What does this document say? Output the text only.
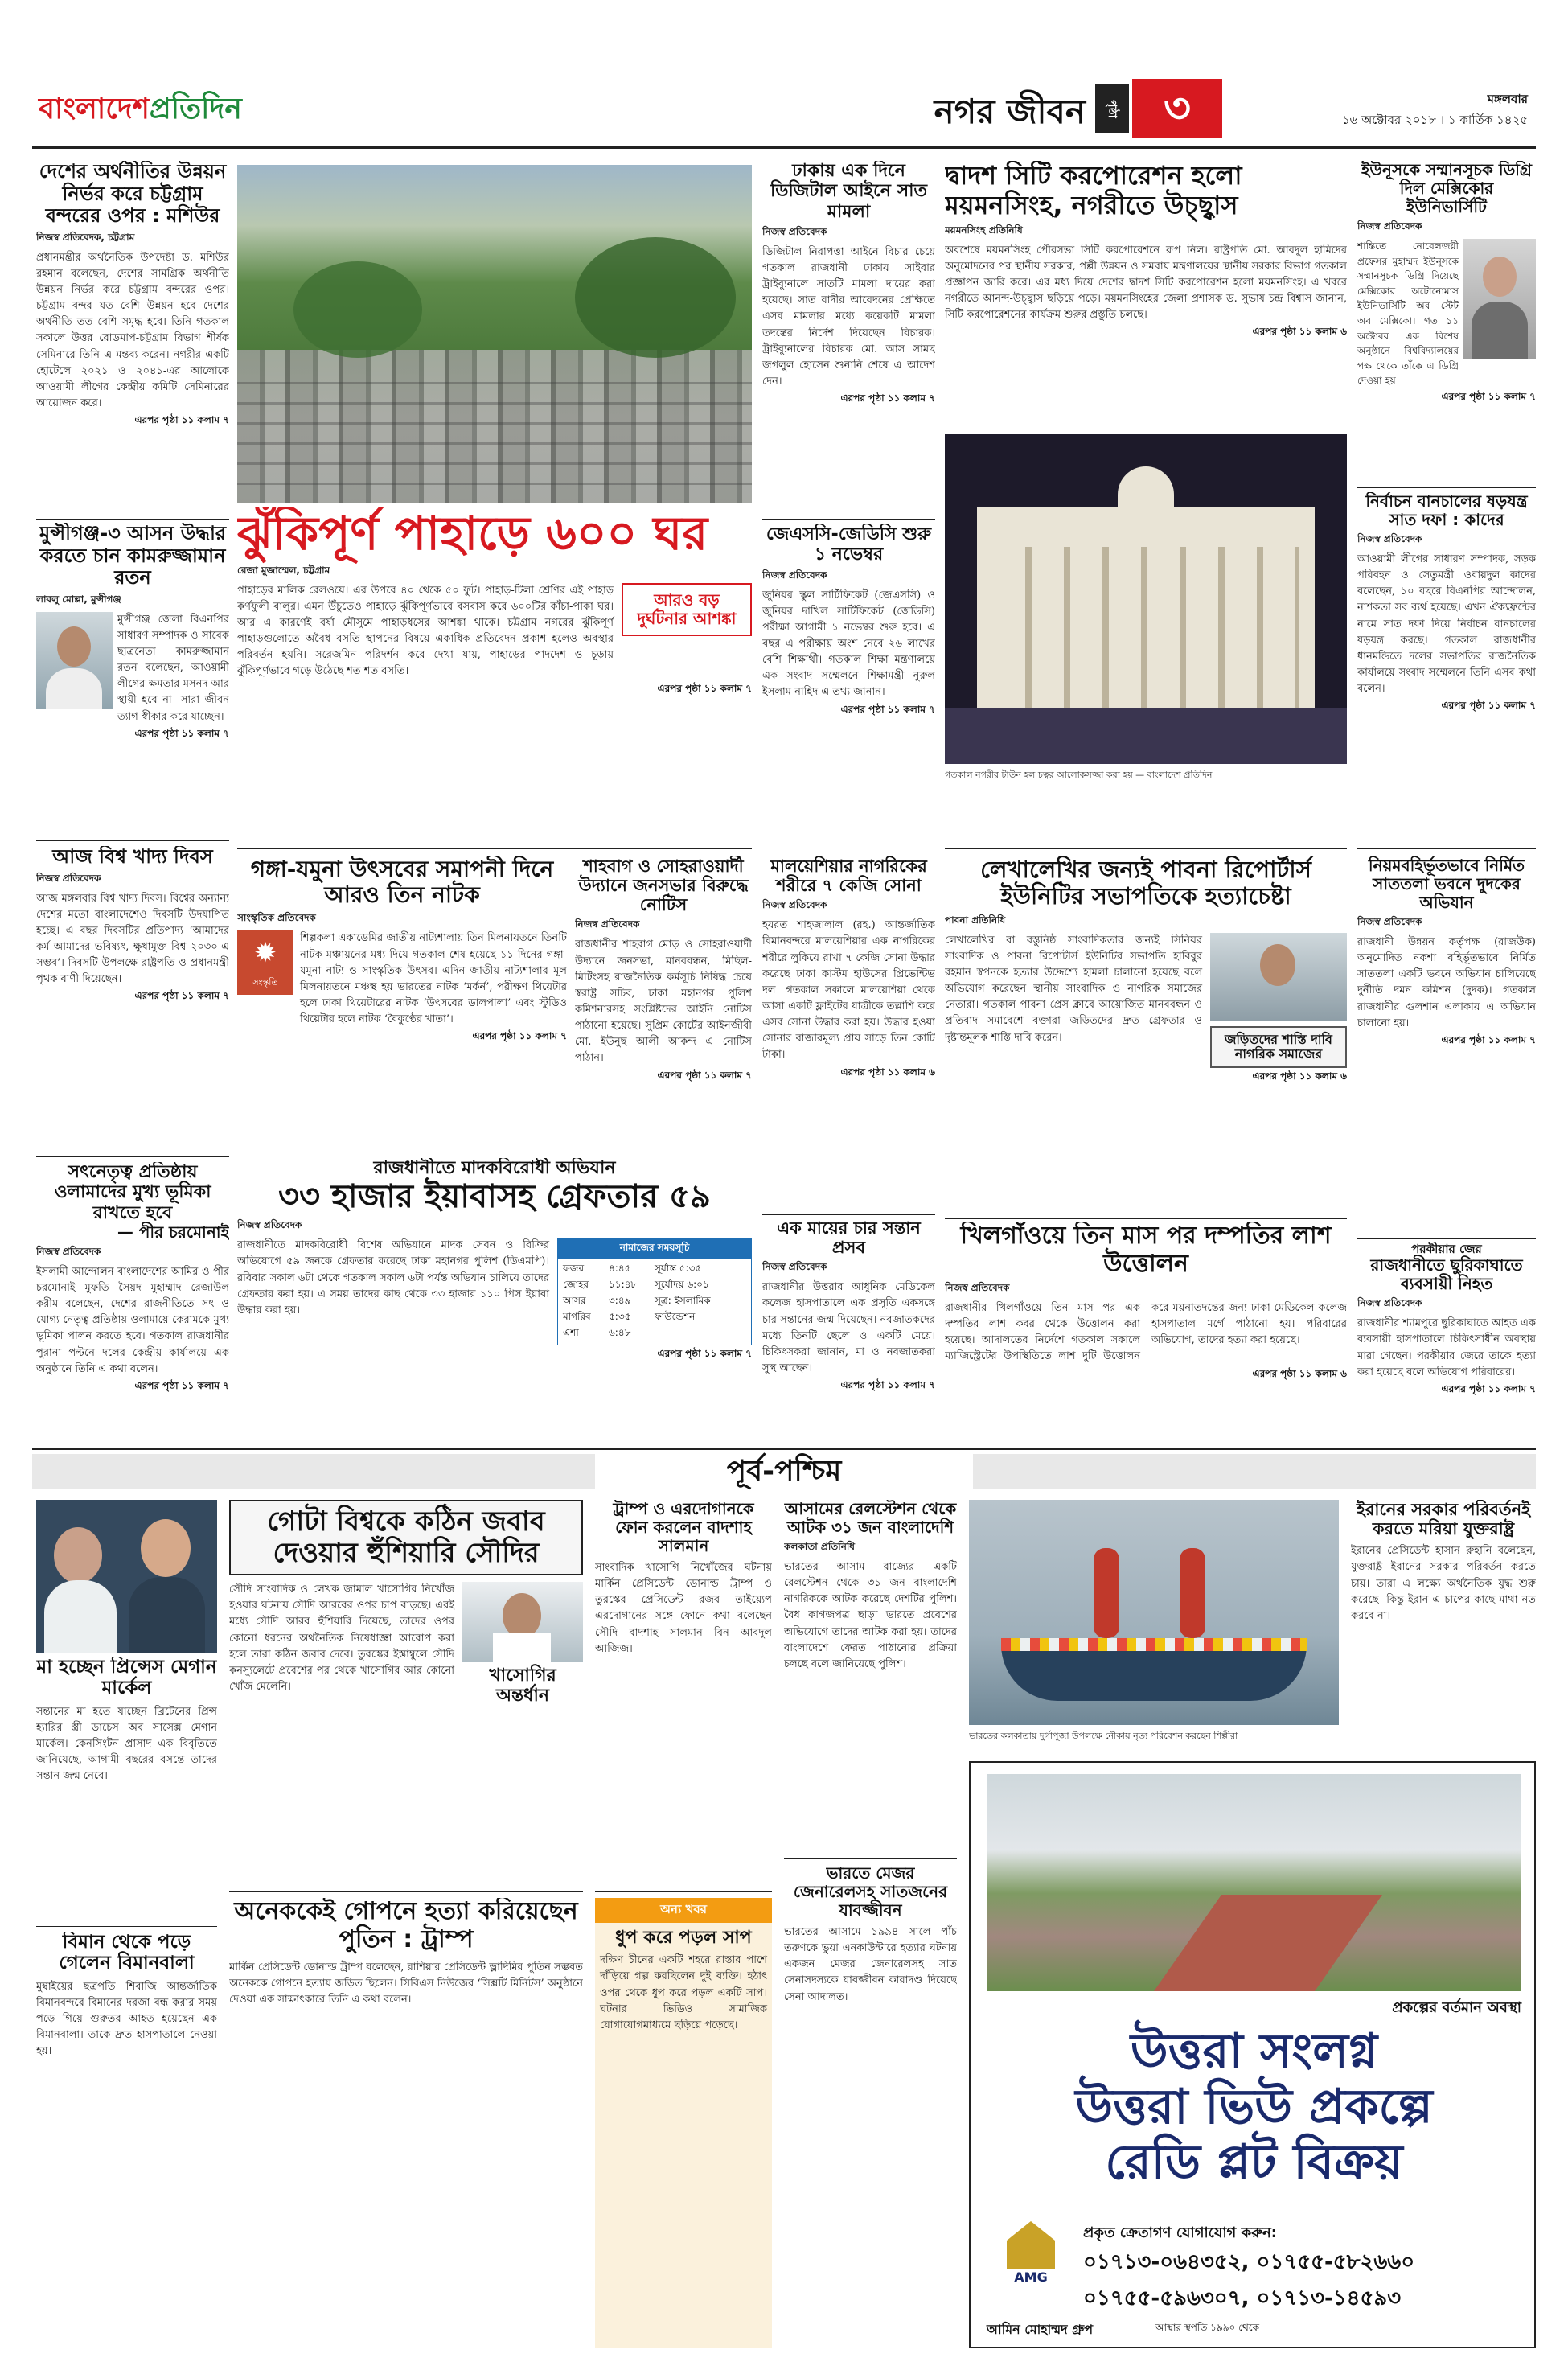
বাংলাদেশপ্রতিদিন	নগর জীবন	পৃষ্ঠা	৩	মঙ্গলবার
১৬ অক্টোবর ২০১৮ । ১ কার্তিক ১৪২৫
দেশের অর্থনীতির উন্নয়ন নির্ভর করে চট্টগ্রাম বন্দরের ওপর : মশিউর
নিজস্ব প্রতিবেদক, চট্টগ্রাম
প্রধানমন্ত্রীর অর্থনৈতিক উপদেষ্টা ড. মশিউর রহমান বলেছেন, দেশের সামগ্রিক অর্থনীতি উন্নয়ন নির্ভর করে চট্টগ্রাম বন্দরের ওপর। চট্টগ্রাম বন্দর যত বেশি উন্নয়ন হবে দেশের অর্থনীতি তত বেশি সমৃদ্ধ হবে। তিনি গতকাল সকালে উত্তর রোডমাপ-চট্টগ্রাম বিভাগ শীর্ষক সেমিনারে তিনি এ মন্তব্য করেন। নগরীর একটি হোটেলে ২০২১ ও ২০৪১-এর আলোকে আওয়ামী লীগের কেন্দ্রীয় কমিটি সেমিনারের আয়োজন করে।
এরপর পৃষ্ঠা ১১ কলাম ৭
মুন্সীগঞ্জ-৩ আসন উদ্ধার করতে চান কামরুজ্জামান রতন
লাবলু মোল্লা, মুন্সীগঞ্জ
মুন্সীগঞ্জ জেলা বিএনপির সাধারণ সম্পাদক ও সাবেক ছাত্রনেতা কামরুজ্জামান রতন বলেছেন, আওয়ামী লীগের ক্ষমতার মসনদ আর স্থায়ী হবে না। সারা জীবন ত্যাগ স্বীকার করে যাচ্ছেন।
এরপর পৃষ্ঠা ১১ কলাম ৭
আজ বিশ্ব খাদ্য দিবস
নিজস্ব প্রতিবেদক
আজ মঙ্গলবার বিশ্ব খাদ্য দিবস। বিশ্বের অন্যান্য দেশের মতো বাংলাদেশেও দিবসটি উদযাপিত হচ্ছে। এ বছর দিবসটির প্রতিপাদ্য ‘আমাদের কর্ম আমাদের ভবিষ্যৎ, ক্ষুধামুক্ত বিশ্ব ২০৩০-এ সম্ভব’। দিবসটি উপলক্ষে রাষ্ট্রপতি ও প্রধানমন্ত্রী পৃথক বাণী দিয়েছেন।
এরপর পৃষ্ঠা ১১ কলাম ৭
সৎনেতৃত্ব প্রতিষ্ঠায় ওলামাদের মুখ্য ভূমিকা রাখতে হবে
— পীর চরমোনাই
নিজস্ব প্রতিবেদক
ইসলামী আন্দোলন বাংলাদেশের আমির ও পীর চরমোনাই মুফতি সৈয়দ মুহাম্মাদ রেজাউল করীম বলেছেন, দেশের রাজনীতিতে সৎ ও যোগ্য নেতৃত্ব প্রতিষ্ঠায় ওলামায়ে কেরামকে মুখ্য ভূমিকা পালন করতে হবে। গতকাল রাজধানীর পুরানা পল্টনে দলের কেন্দ্রীয় কার্যালয়ে এক অনুষ্ঠানে তিনি এ কথা বলেন।
এরপর পৃষ্ঠা ১১ কলাম ৭
ঝুঁকিপূর্ণ পাহাড়ে ৬০০ ঘর
রেজা মুজাম্মেল, চট্টগ্রাম
পাহাড়ের মালিক রেলওয়ে। এর উপরে ৪০ থেকে ৫০ ফুট। পাহাড়-টিলা শ্রেণির এই পাহাড় কর্ণফুলী বালুর। এমন উঁচুতেও পাহাড়ে ঝুঁকিপূর্ণভাবে বসবাস করে ৬০০টির কাঁচা-পাকা ঘর। আর এ কারণেই বর্ষা মৌসুমে পাহাড়ধসের আশঙ্কা থাকে। চট্টগ্রাম নগরের ঝুঁকিপূর্ণ পাহাড়গুলোতে অবৈধ বসতি স্থাপনের বিষয়ে একাধিক প্রতিবেদন প্রকাশ হলেও অবস্থার পরিবর্তন হয়নি। সরেজমিন পরিদর্শন করে দেখা যায়, পাহাড়ের পাদদেশ ও চূড়ায় ঝুঁকিপূর্ণভাবে গড়ে উঠেছে শত শত বসতি।
আরও বড় দুর্ঘটনার আশঙ্কা
এরপর পৃষ্ঠা ১১ কলাম ৭
ঢাকায় এক দিনে ডিজিটাল আইনে সাত মামলা
নিজস্ব প্রতিবেদক
ডিজিটাল নিরাপত্তা আইনে বিচার চেয়ে গতকাল রাজধানী ঢাকায় সাইবার ট্রাইব্যুনালে সাতটি মামলা দায়ের করা হয়েছে। সাত বাদীর আবেদনের প্রেক্ষিতে এসব মামলার মধ্যে কয়েকটি মামলা তদন্তের নির্দেশ দিয়েছেন বিচারক। ট্রাইব্যুনালের বিচারক মো. আস সামছ জগলুল হোসেন শুনানি শেষে এ আদেশ দেন।
এরপর পৃষ্ঠা ১১ কলাম ৭
জেএসসি-জেডিসি শুরু ১ নভেম্বর
নিজস্ব প্রতিবেদক
জুনিয়র স্কুল সার্টিফিকেট (জেএসসি) ও জুনিয়র দাখিল সার্টিফিকেট (জেডিসি) পরীক্ষা আগামী ১ নভেম্বর শুরু হবে। এ বছর এ পরীক্ষায় অংশ নেবে ২৬ লাখের বেশি শিক্ষার্থী। গতকাল শিক্ষা মন্ত্রণালয়ে এক সংবাদ সম্মেলনে শিক্ষামন্ত্রী নুরুল ইসলাম নাহিদ এ তথ্য জানান।
এরপর পৃষ্ঠা ১১ কলাম ৭
দ্বাদশ সিটি করপোরেশন হলো ময়মনসিংহ, নগরীতে উচ্ছ্বাস
ময়মনসিংহ প্রতিনিধি
অবশেষে ময়মনসিংহ পৌরসভা সিটি করপোরেশনে রূপ নিল। রাষ্ট্রপতি মো. আবদুল হামিদের অনুমোদনের পর স্থানীয় সরকার, পল্লী উন্নয়ন ও সমবায় মন্ত্রণালয়ের স্থানীয় সরকার বিভাগ গতকাল প্রজ্ঞাপন জারি করে। এর মধ্য দিয়ে দেশের দ্বাদশ সিটি করপোরেশন হলো ময়মনসিংহ। এ খবরে নগরীতে আনন্দ-উচ্ছ্বাস ছড়িয়ে পড়ে। ময়মনসিংহের জেলা প্রশাসক ড. সুভাষ চন্দ্র বিশ্বাস জানান, সিটি করপোরেশনের কার্যক্রম শুরুর প্রস্তুতি চলছে।
এরপর পৃষ্ঠা ১১ কলাম ৬
গতকাল নগরীর টাউন হল চত্বর আলোকসজ্জা করা হয় — বাংলাদেশ প্রতিদিন
ইউনূসকে সম্মানসূচক ডিগ্রি দিল মেক্সিকোর ইউনিভার্সিটি
নিজস্ব প্রতিবেদক
শান্তিতে নোবেলজয়ী প্রফেসর মুহাম্মদ ইউনূসকে সম্মানসূচক ডিগ্রি দিয়েছে মেক্সিকোর অটোনোমাস ইউনিভার্সিটি অব স্টেট অব মেক্সিকো। গত ১১ অক্টোবর এক বিশেষ অনুষ্ঠানে বিশ্ববিদ্যালয়ের পক্ষ থেকে তাঁকে এ ডিগ্রি দেওয়া হয়।
এরপর পৃষ্ঠা ১১ কলাম ৭
নির্বাচন বানচালের ষড়যন্ত্র সাত দফা : কাদের
নিজস্ব প্রতিবেদক
আওয়ামী লীগের সাধারণ সম্পাদক, সড়ক পরিবহন ও সেতুমন্ত্রী ওবায়দুল কাদের বলেছেন, ১০ বছরে বিএনপির আন্দোলন, নাশকতা সব ব্যর্থ হয়েছে। এখন ঐক্যফ্রন্টের নামে সাত দফা দিয়ে নির্বাচন বানচালের ষড়যন্ত্র করছে। গতকাল রাজধানীর ধানমন্ডিতে দলের সভাপতির রাজনৈতিক কার্যালয়ে সংবাদ সম্মেলনে তিনি এসব কথা বলেন।
এরপর পৃষ্ঠা ১১ কলাম ৭
গঙ্গা-যমুনা উৎসবের সমাপনী দিনে আরও তিন নাটক
সাংস্কৃতিক প্রতিবেদক
✹
সংস্কৃতি
শিল্পকলা একাডেমির জাতীয় নাট্যশালায় তিন মিলনায়তনে তিনটি নাটক মঞ্চায়নের মধ্য দিয়ে গতকাল শেষ হয়েছে ১১ দিনের গঙ্গা-যমুনা নাট্য ও সাংস্কৃতিক উৎসব। এদিন জাতীয় নাট্যশালার মূল মিলনায়তনে মঞ্চস্থ হয় ভারতের নাটক ‘মর্কর্ন’, পরীক্ষণ থিয়েটার হলে ঢাকা থিয়েটারের নাটক ‘উৎসবের ডালপালা’ এবং স্টুডিও থিয়েটার হলে নাটক ‘বৈকুণ্ঠের খাতা’।
এরপর পৃষ্ঠা ১১ কলাম ৭
শাহবাগ ও সোহরাওয়ার্দী উদ্যানে জনসভার বিরুদ্ধে নোটিস
নিজস্ব প্রতিবেদক
রাজধানীর শাহবাগ মোড় ও সোহরাওয়ার্দী উদ্যানে জনসভা, মানববন্ধন, মিছিল-মিটিংসহ রাজনৈতিক কর্মসূচি নিষিদ্ধ চেয়ে স্বরাষ্ট্র সচিব, ঢাকা মহানগর পুলিশ কমিশনারসহ সংশ্লিষ্টদের আইনি নোটিস পাঠানো হয়েছে। সুপ্রিম কোর্টের আইনজীবী মো. ইউনুছ আলী আকন্দ এ নোটিস পাঠান।
এরপর পৃষ্ঠা ১১ কলাম ৭
মালয়েশিয়ার নাগরিকের শরীরে ৭ কেজি সোনা
নিজস্ব প্রতিবেদক
হযরত শাহজালাল (রহ.) আন্তর্জাতিক বিমানবন্দরে মালয়েশিয়ার এক নাগরিকের শরীরে লুকিয়ে রাখা ৭ কেজি সোনা উদ্ধার করেছে ঢাকা কাস্টম হাউসের প্রিভেন্টিভ দল। গতকাল সকালে মালয়েশিয়া থেকে আসা একটি ফ্লাইটের যাত্রীকে তল্লাশি করে এসব সোনা উদ্ধার করা হয়। উদ্ধার হওয়া সোনার বাজারমূল্য প্রায় সাড়ে তিন কোটি টাকা।
এরপর পৃষ্ঠা ১১ কলাম ৬
এক মায়ের চার সন্তান প্রসব
নিজস্ব প্রতিবেদক
রাজধানীর উত্তরার আধুনিক মেডিকেল কলেজ হাসপাতালে এক প্রসূতি একসঙ্গে চার সন্তানের জন্ম দিয়েছেন। নবজাতকদের মধ্যে তিনটি ছেলে ও একটি মেয়ে। চিকিৎসকরা জানান, মা ও নবজাতকরা সুস্থ আছেন।
এরপর পৃষ্ঠা ১১ কলাম ৭
লেখালেখির জন্যই পাবনা রিপোর্টার্স ইউনিটির সভাপতিকে হত্যাচেষ্টা
পাবনা প্রতিনিধি
লেখালেখির বা বস্তুনিষ্ঠ সাংবাদিকতার জন্যই সিনিয়র সাংবাদিক ও পাবনা রিপোর্টার্স ইউনিটির সভাপতি হাবিবুর রহমান স্বপনকে হত্যার উদ্দেশ্যে হামলা চালানো হয়েছে বলে অভিযোগ করেছেন স্থানীয় সাংবাদিক ও নাগরিক সমাজের নেতারা। গতকাল পাবনা প্রেস ক্লাবে আয়োজিত মানববন্ধন ও প্রতিবাদ সমাবেশে বক্তারা জড়িতদের দ্রুত গ্রেফতার ও দৃষ্টান্তমূলক শাস্তি দাবি করেন।	জড়িতদের শাস্তি দাবি
নাগরিক সমাজের
এরপর পৃষ্ঠা ১১ কলাম ৬
খিলগাঁওয়ে তিন মাস পর দম্পতির লাশ উত্তোলন
নিজস্ব প্রতিবেদক
রাজধানীর খিলগাঁওয়ে তিন মাস পর এক দম্পতির লাশ কবর থেকে উত্তোলন করা হয়েছে। আদালতের নির্দেশে গতকাল সকালে ম্যাজিস্ট্রেটের উপস্থিতিতে লাশ দুটি উত্তোলন করে ময়নাতদন্তের জন্য ঢাকা মেডিকেল কলেজ হাসপাতাল মর্গে পাঠানো হয়। পরিবারের অভিযোগ, তাদের হত্যা করা হয়েছে।
এরপর পৃষ্ঠা ১১ কলাম ৬
নিয়মবহির্ভূতভাবে নির্মিত সাততলা ভবনে দুদকের অভিযান
নিজস্ব প্রতিবেদক
রাজধানী উন্নয়ন কর্তৃপক্ষ (রাজউক) অনুমোদিত নকশা বহির্ভূতভাবে নির্মিত সাততলা একটি ভবনে অভিযান চালিয়েছে দুর্নীতি দমন কমিশন (দুদক)। গতকাল রাজধানীর গুলশান এলাকায় এ অভিযান চালানো হয়।
এরপর পৃষ্ঠা ১১ কলাম ৭
পরকীয়ার জের
রাজধানীতে ছুরিকাঘাতে ব্যবসায়ী নিহত
নিজস্ব প্রতিবেদক
রাজধানীর শ্যামপুরে ছুরিকাঘাতে আহত এক ব্যবসায়ী হাসপাতালে চিকিৎসাধীন অবস্থায় মারা গেছেন। পরকীয়ার জেরে তাকে হত্যা করা হয়েছে বলে অভিযোগ পরিবারের।
এরপর পৃষ্ঠা ১১ কলাম ৭
রাজধানীতে মাদকবিরোধী অভিযান
৩৩ হাজার ইয়াবাসহ গ্রেফতার ৫৯
নিজস্ব প্রতিবেদক
রাজধানীতে মাদকবিরোধী বিশেষ অভিযানে মাদক সেবন ও বিক্রির অভিযোগে ৫৯ জনকে গ্রেফতার করেছে ঢাকা মহানগর পুলিশ (ডিএমপি)। রবিবার সকাল ৬টা থেকে গতকাল সকাল ৬টা পর্যন্ত অভিযান চালিয়ে তাদের গ্রেফতার করা হয়। এ সময় তাদের কাছ থেকে ৩৩ হাজার ১১০ পিস ইয়াবা উদ্ধার করা হয়।
নামাজের সময়সূচি
ফজর	৪:৪৫	সূর্যাস্ত ৫:৩৫
জোহর	১১:৪৮	সূর্যোদয় ৬:০১
আসর	৩:৪৯	সূত্র: ইসলামিক
মাগরিব	৫:৩৫	ফাউন্ডেশন
এশা	৬:৪৮
এরপর পৃষ্ঠা ১১ কলাম ৭
পূর্ব-পশ্চিম
মা হচ্ছেন প্রিন্সেস মেগান মার্কেল
সন্তানের মা হতে যাচ্ছেন ব্রিটেনের প্রিন্স হ্যারির স্ত্রী ডাচেস অব সাসেক্স মেগান মার্কেল। কেনসিংটন প্রাসাদ এক বিবৃতিতে জানিয়েছে, আগামী বছরের বসন্তে তাদের সন্তান জন্ম নেবে।
বিমান থেকে পড়ে গেলেন বিমানবালা
মুম্বাইয়ের ছত্রপতি শিবাজি আন্তর্জাতিক বিমানবন্দরে বিমানের দরজা বন্ধ করার সময় পড়ে গিয়ে গুরুতর আহত হয়েছেন এক বিমানবালা। তাকে দ্রুত হাসপাতালে নেওয়া হয়।
গোটা বিশ্বকে কঠিন জবাব দেওয়ার হুঁশিয়ারি সৌদির
সৌদি সাংবাদিক ও লেখক জামাল খাসোগির নিখোঁজ হওয়ার ঘটনায় সৌদি আরবের ওপর চাপ বাড়ছে। এরই মধ্যে সৌদি আরব হুঁশিয়ারি দিয়েছে, তাদের ওপর কোনো ধরনের অর্থনৈতিক নিষেধাজ্ঞা আরোপ করা হলে তারা কঠিন জবাব দেবে। তুরস্কের ইস্তাম্বুলে সৌদি কনস্যুলেটে প্রবেশের পর থেকে খাসোগির আর কোনো খোঁজ মেলেনি।
খাসোগির
অন্তর্ধান
অনেককেই গোপনে হত্যা করিয়েছেন পুতিন : ট্রাম্প
মার্কিন প্রেসিডেন্ট ডোনাল্ড ট্রাম্প বলেছেন, রাশিয়ার প্রেসিডেন্ট ভ্লাদিমির পুতিন সম্ভবত অনেককে গোপনে হত্যায় জড়িত ছিলেন। সিবিএস নিউজের ‘সিক্সটি মিনিটস’ অনুষ্ঠানে দেওয়া এক সাক্ষাৎকারে তিনি এ কথা বলেন।
ট্রাম্প ও এরদোগানকে ফোন করলেন বাদশাহ সালমান
সাংবাদিক খাসোগি নিখোঁজের ঘটনায় মার্কিন প্রেসিডেন্ট ডোনাল্ড ট্রাম্প ও তুরস্কের প্রেসিডেন্ট রজব তাইয়্যেপ এরদোগানের সঙ্গে ফোনে কথা বলেছেন সৌদি বাদশাহ সালমান বিন আবদুল আজিজ।
অন্য খবর
ধুপ করে পড়ল সাপ
দক্ষিণ চীনের একটি শহরে রাস্তার পাশে দাঁড়িয়ে গল্প করছিলেন দুই ব্যক্তি। হঠাৎ ওপর থেকে ধুপ করে পড়ল একটি সাপ। ঘটনার ভিডিও সামাজিক যোগাযোগমাধ্যমে ছড়িয়ে পড়েছে।
আসামের রেলস্টেশন থেকে আটক ৩১ জন বাংলাদেশি
কলকাতা প্রতিনিধি
ভারতের আসাম রাজ্যের একটি রেলস্টেশন থেকে ৩১ জন বাংলাদেশি নাগরিককে আটক করেছে দেশটির পুলিশ। বৈধ কাগজপত্র ছাড়া ভারতে প্রবেশের অভিযোগে তাদের আটক করা হয়। তাদের বাংলাদেশে ফেরত পাঠানোর প্রক্রিয়া চলছে বলে জানিয়েছে পুলিশ।
ভারতে মেজর জেনারেলসহ সাতজনের যাবজ্জীবন
ভারতের আসামে ১৯৯৪ সালে পাঁচ তরুণকে ভুয়া এনকাউন্টারে হত্যার ঘটনায় একজন মেজর জেনারেলসহ সাত সেনাসদস্যকে যাবজ্জীবন কারাদণ্ড দিয়েছে সেনা আদালত।
ভারতের কলকাতায় দুর্গাপূজা উপলক্ষে নৌকায় নৃত্য পরিবেশন করছেন শিল্পীরা
ইরানের সরকার পরিবর্তনই করতে মরিয়া যুক্তরাষ্ট্র
ইরানের প্রেসিডেন্ট হাসান রুহানি বলেছেন, যুক্তরাষ্ট্র ইরানের সরকার পরিবর্তন করতে চায়। তারা এ লক্ষ্যে অর্থনৈতিক যুদ্ধ শুরু করেছে। কিন্তু ইরান এ চাপের কাছে মাথা নত করবে না।
প্রকল্পের বর্তমান অবস্থা
উত্তরা সংলগ্ন
উত্তরা ভিউ প্রকল্পে
রেডি প্লট বিক্রয়
প্রকৃত ক্রেতাগণ যোগাযোগ করুন:
AMG
০১৭১৩-০৬৪৩৫২, ০১৭৫৫-৫৮২৬৬০
আমিন মোহাম্মদ গ্রুপ
০১৭৫৫-৫৯৬৩০৭, ০১৭১৩-১৪৫৯৩
আস্থার স্থপতি ১৯৯০ থেকে
